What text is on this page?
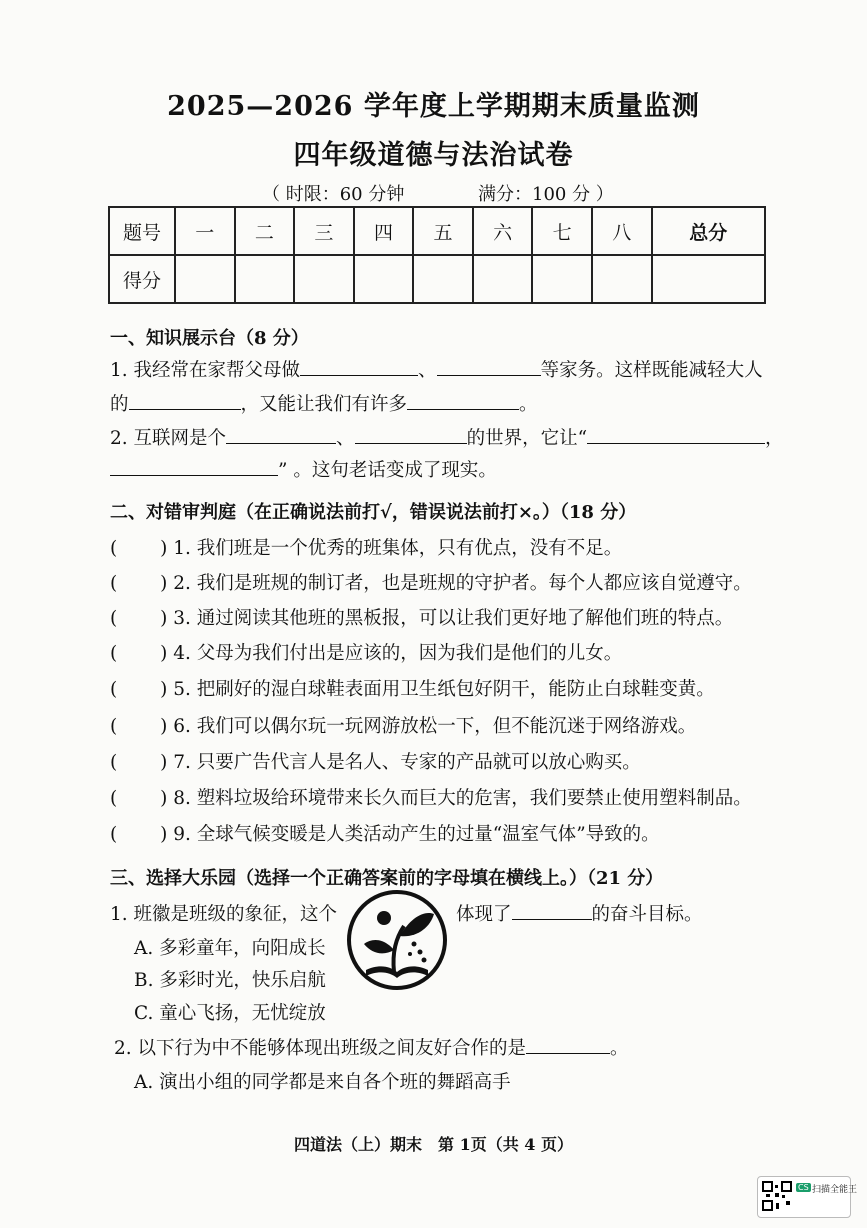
2025—2026 学年度上学期期末质量监测
四年级道德与法治试卷
（ 时限：60 分钟	满分：100 分 ）
题号	一	二	三	四	五	六	七	八	总分
得分									
一、知识展示台（8 分）
1. 我经常在家帮父母做	、	等家务。这样既能减轻大人
的	，又能让我们有许多	。
2. 互联网是个	、	的世界，它让“	，
” 。这句老话变成了现实。
二、对错审判庭（在正确说法前打√，错误说法前打×。）（18 分）
( 　　) 1. 我们班是一个优秀的班集体，只有优点，没有不足。
( 　　) 2. 我们是班规的制订者，也是班规的守护者。每个人都应该自觉遵守。
( 　　) 3. 通过阅读其他班的黑板报，可以让我们更好地了解他们班的特点。
( 　　) 4. 父母为我们付出是应该的，因为我们是他们的儿女。
( 　　) 5. 把刷好的湿白球鞋表面用卫生纸包好阴干，能防止白球鞋变黄。
( 　　) 6. 我们可以偶尔玩一玩网游放松一下，但不能沉迷于网络游戏。
( 　　) 7. 只要广告代言人是名人、专家的产品就可以放心购买。
( 　　) 8. 塑料垃圾给环境带来长久而巨大的危害，我们要禁止使用塑料制品。
( 　　) 9. 全球气候变暖是人类活动产生的过量“温室气体”导致的。
三、选择大乐园（选择一个正确答案前的字母填在横线上。）（21 分）
1. 班徽是班级的象征，这个	体现了	的奋斗目标。
A. 多彩童年，向阳成长
B. 多彩时光，快乐启航
C. 童心飞扬，无忧绽放
2. 以下行为中不能够体现出班级之间友好合作的是	。
A. 演出小组的同学都是来自各个班的舞蹈高手
四道法（上）期末　第 1页（共 4 页）
CS 扫描全能王
